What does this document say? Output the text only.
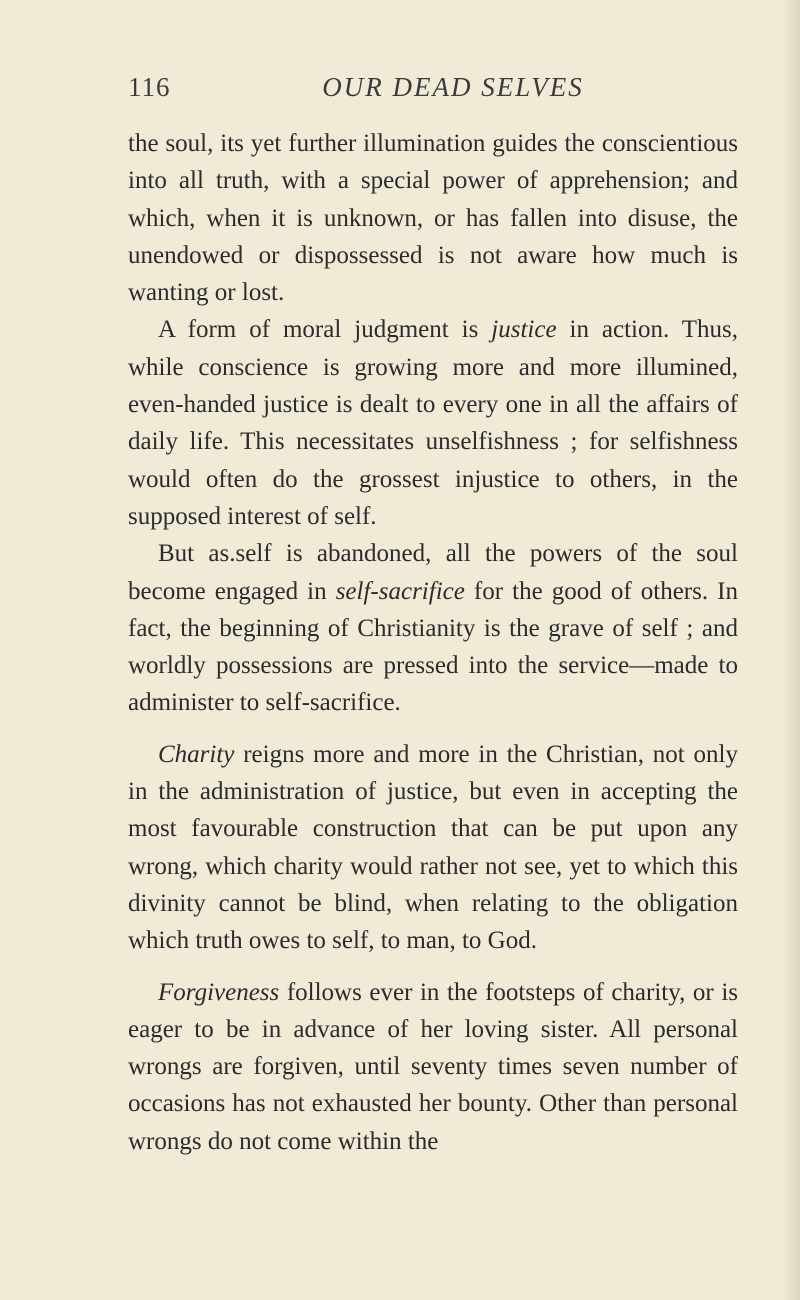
116	OUR DEAD SELVES

the soul, its yet further illumination guides the conscientious into all truth, with a special power of apprehension; and which, when it is unknown, or has fallen into disuse, the unendowed or dispossessed is not aware how much is wanting or lost.

A form of moral judgment is justice in action. Thus, while conscience is growing more and more illumined, even-handed justice is dealt to every one in all the affairs of daily life. This necessitates unselfishness ; for selfishness would often do the grossest injustice to others, in the supposed interest of self.

But as.self is abandoned, all the powers of the soul become engaged in self-sacrifice for the good of others. In fact, the beginning of Christianity is the grave of self ; and worldly possessions are pressed into the service—made to administer to self-sacrifice.

Charity reigns more and more in the Christian, not only in the administration of justice, but even in accepting the most favourable construction that can be put upon any wrong, which charity would rather not see, yet to which this divinity cannot be blind, when relating to the obligation which truth owes to self, to man, to God.

Forgiveness follows ever in the footsteps of charity, or is eager to be in advance of her loving sister. All personal wrongs are forgiven, until seventy times seven number of occasions has not exhausted her bounty. Other than personal wrongs do not come within the
